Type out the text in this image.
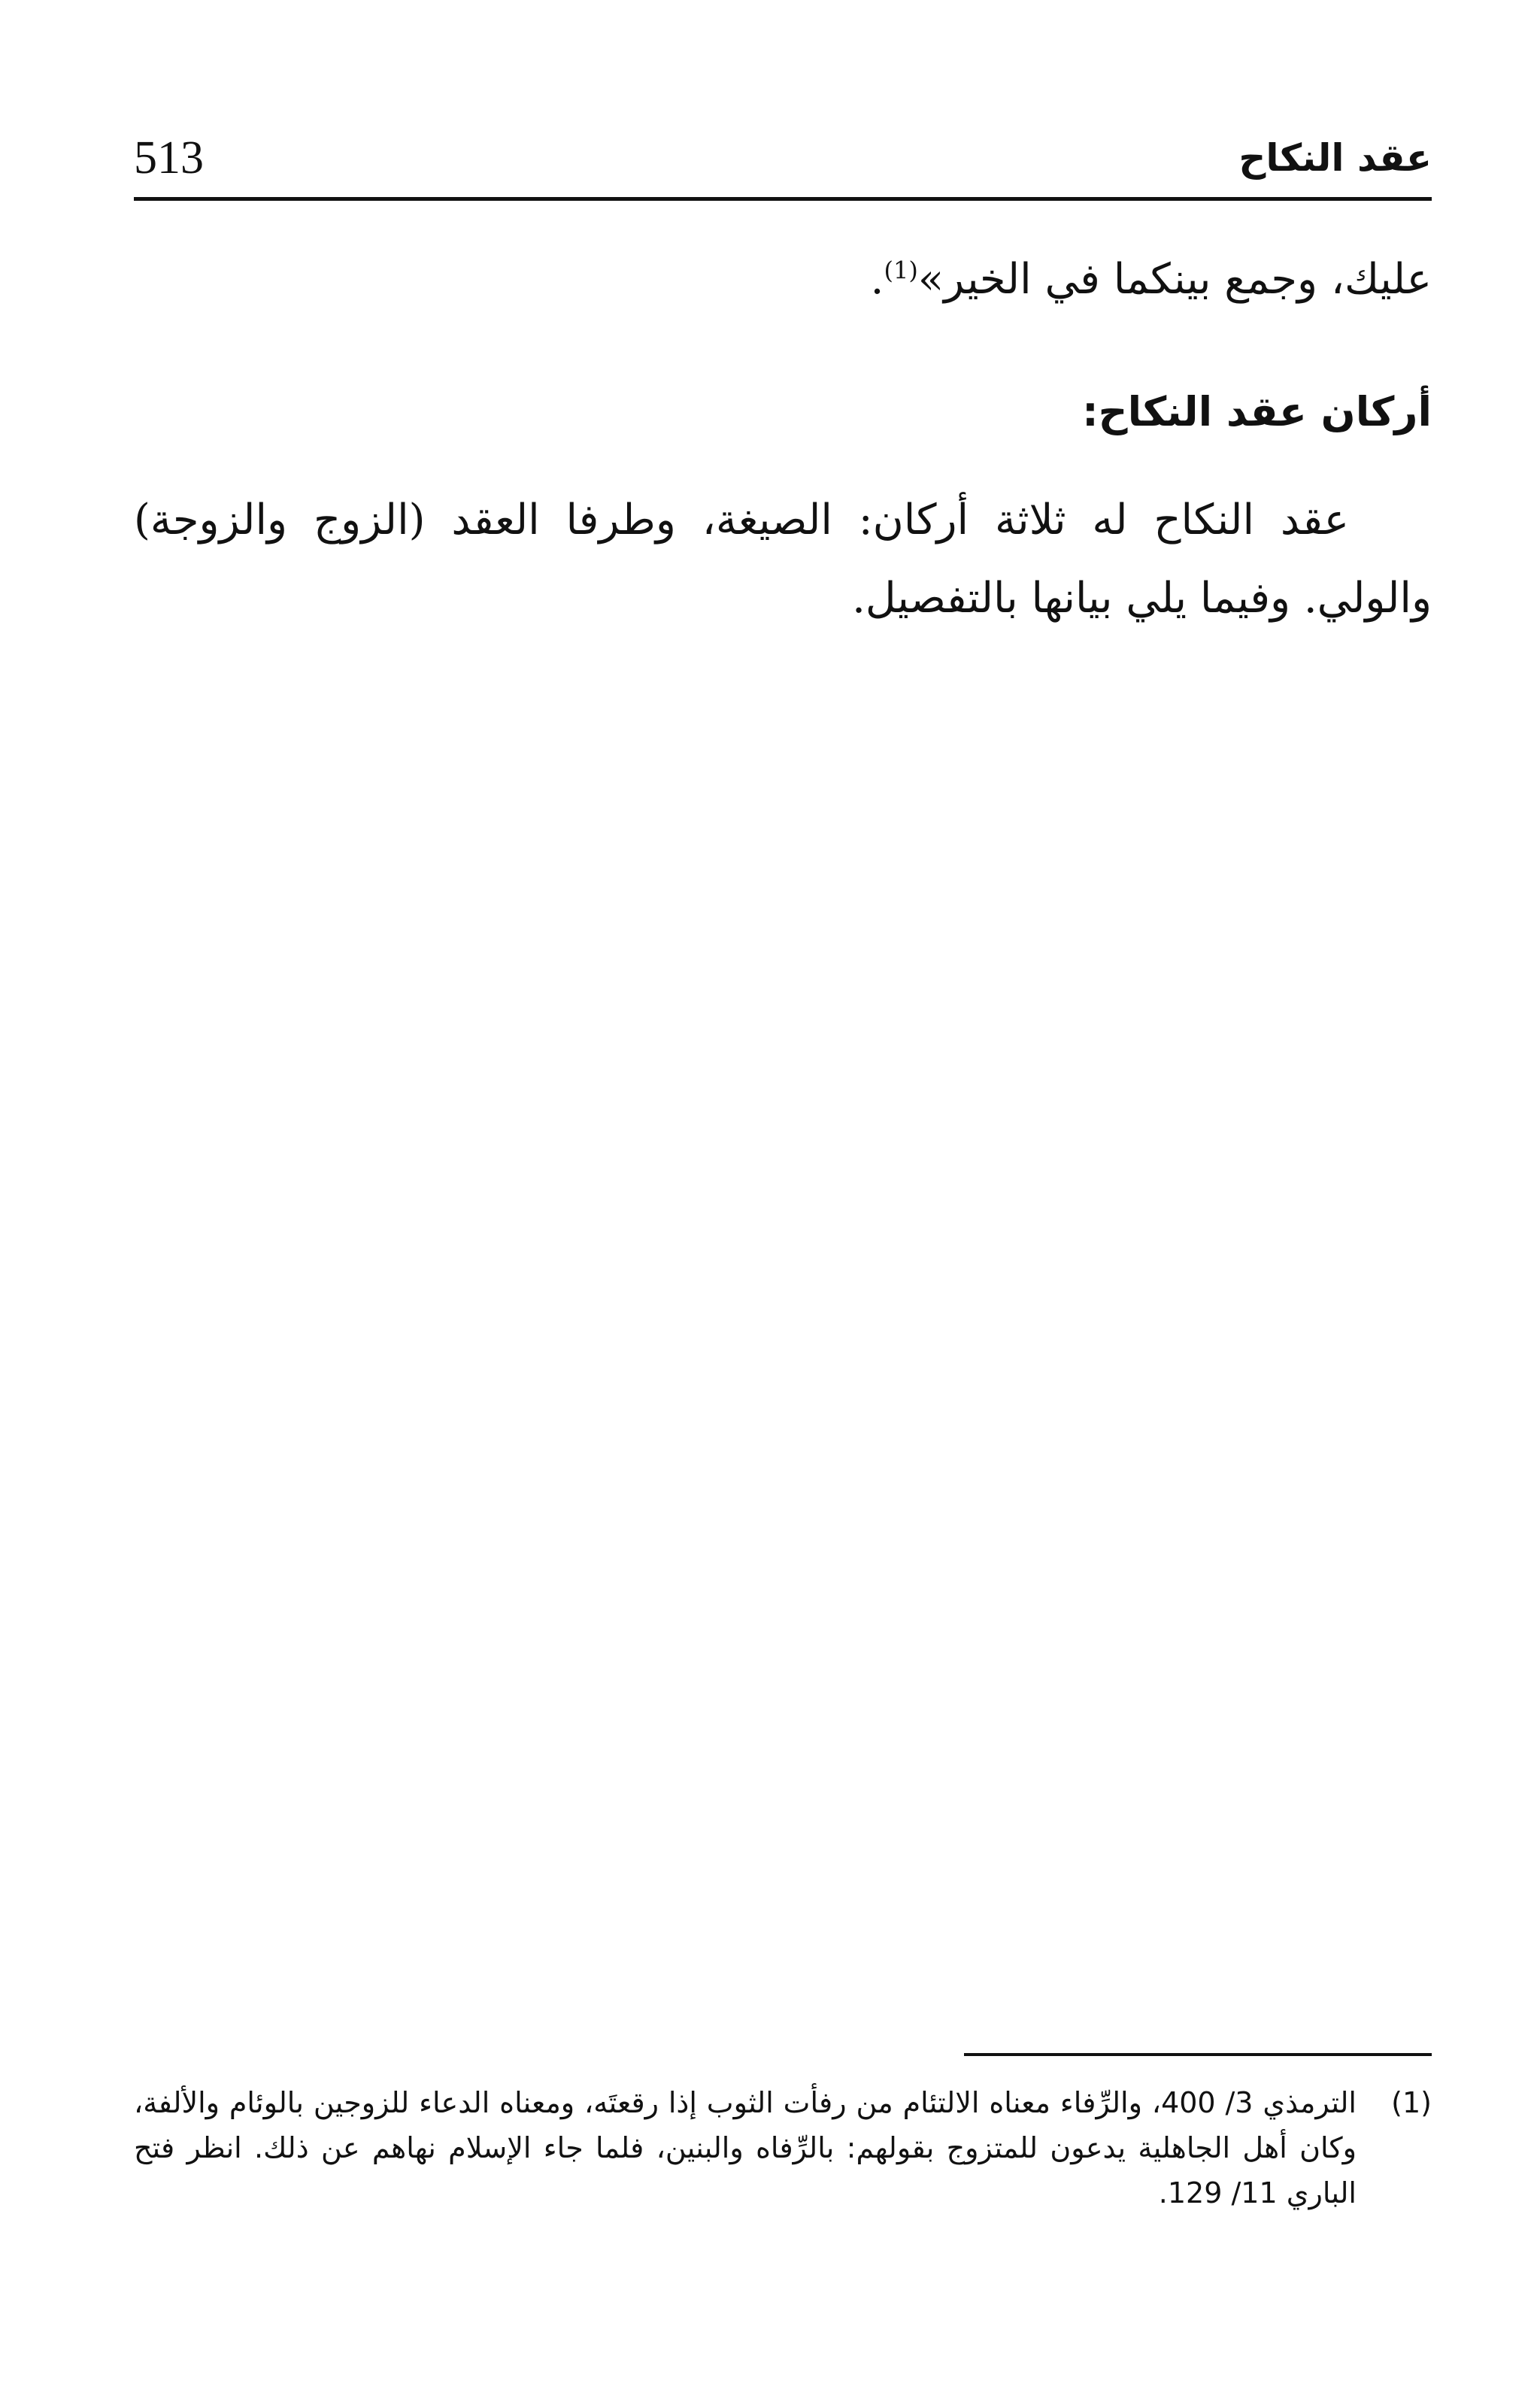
513	عقد النكاح
عليك، وجمع بينكما في الخير»$^{(1)}$.
أركان عقد النكاح:
عقد النكاح له ثلاثة أركان: الصيغة، وطرفا العقد (الزوج والزوجة) والولي. وفيما يلي بيانها بالتفصيل.
(1)
الترمذي 3/ 400، والرِّفاء معناه الالتئام من رفأت الثوب إذا رقعتَه، ومعناه الدعاء للزوجين بالوئام والألفة، وكان أهل الجاهلية يدعون للمتزوج بقولهم: بالرِّفاه والبنين، فلما جاء الإسلام نهاهم عن ذلك. انظر فتح الباري 11/ 129.
